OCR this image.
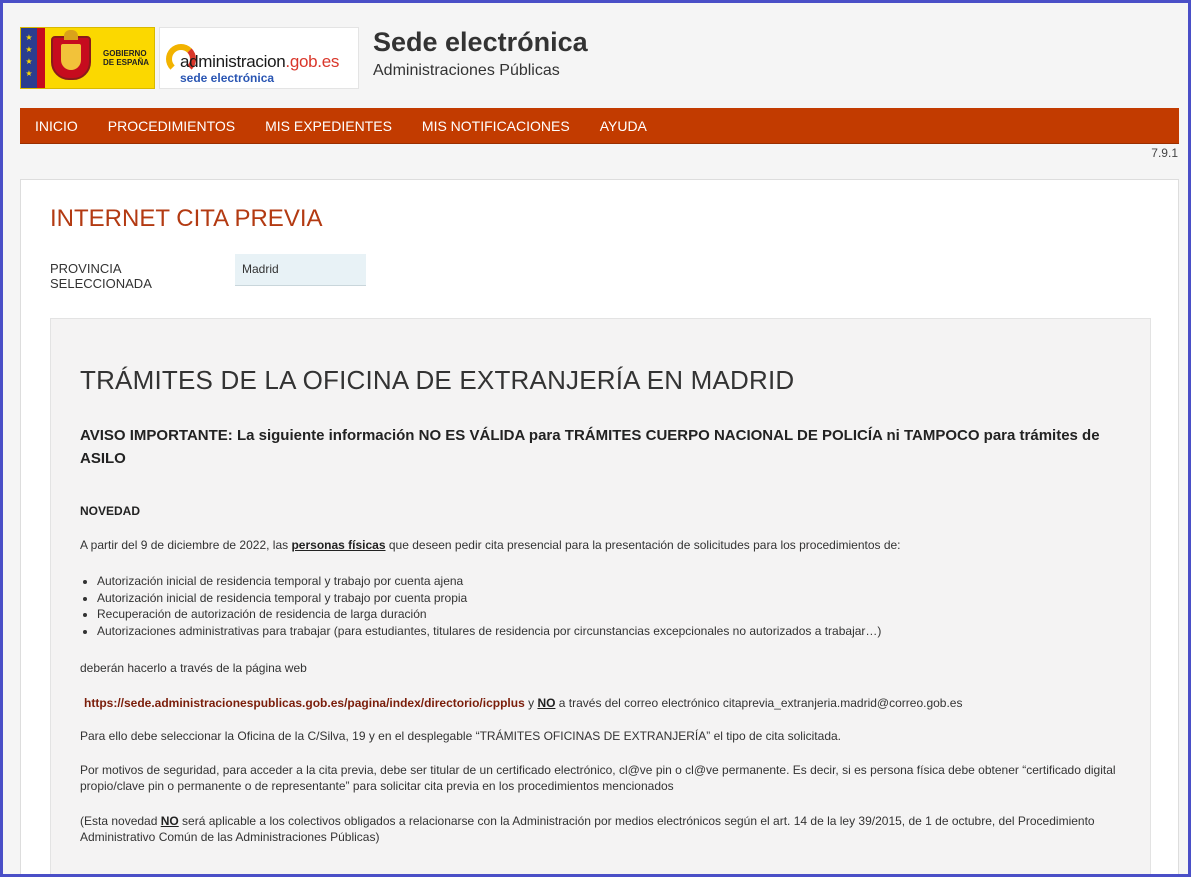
★
★
★
★
GOBIERNO
DE ESPAÑA administracion.gob.es
sede electrónica
Sede electrónica
Administraciones Públicas
INICIO PROCEDIMIENTOS MIS EXPEDIENTES MIS NOTIFICACIONES AYUDA
7.9.1
INTERNET CITA PREVIA
PROVINCIA
SELECCIONADA
Madrid
TRÁMITES DE LA OFICINA DE EXTRANJERÍA EN MADRID
AVISO IMPORTANTE: La siguiente información NO ES VÁLIDA para TRÁMITES CUERPO NACIONAL DE POLICÍA ni TAMPOCO para trámites de ASILO
NOVEDAD
A partir del 9 de diciembre de 2022, las personas físicas que deseen pedir cita presencial para la presentación de solicitudes para los procedimientos de:
• Autorización inicial de residencia temporal y trabajo por cuenta ajena
• Autorización inicial de residencia temporal y trabajo por cuenta propia
• Recuperación de autorización de residencia de larga duración
• Autorizaciones administrativas para trabajar (para estudiantes, titulares de residencia por circunstancias excepcionales no autorizados a trabajar…)
deberán hacerlo a través de la página web
https://sede.administracionespublicas.gob.es/pagina/index/directorio/icpplus y NO a través del correo electrónico citaprevia_extranjeria.madrid@correo.gob.es
Para ello debe seleccionar la Oficina de la C/Silva, 19 y en el desplegable “TRÁMITES OFICINAS DE EXTRANJERÍA” el tipo de cita solicitada.
Por motivos de seguridad, para acceder a la cita previa, debe ser titular de un certificado electrónico, cl@ve pin o cl@ve permanente. Es decir, si es persona física debe obtener “certificado digital propio/clave pin o permanente o de representante” para solicitar cita previa en los procedimientos mencionados
(Esta novedad NO será aplicable a los colectivos obligados a relacionarse con la Administración por medios electrónicos según el art. 14 de la ley 39/2015, de 1 de octubre, del Procedimiento Administrativo Común de las Administraciones Públicas)
